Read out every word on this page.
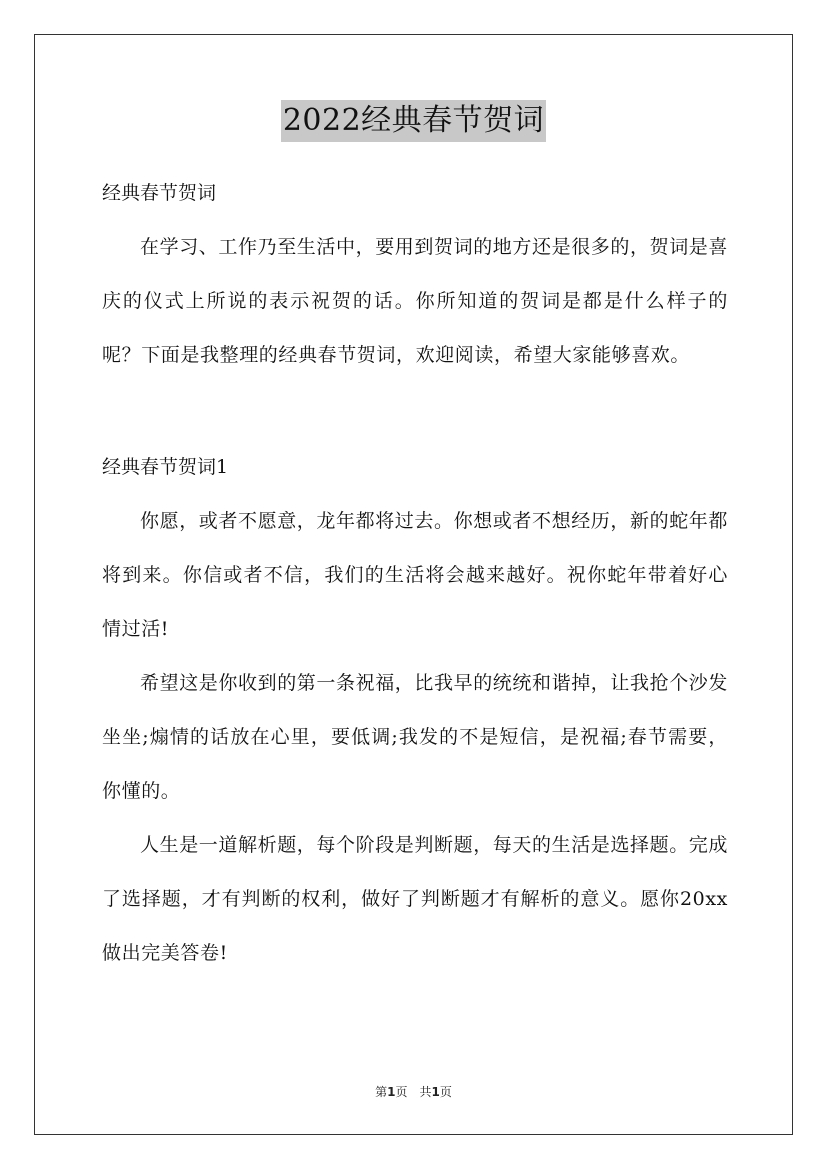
2022经典春节贺词

经典春节贺词

在学习、工作乃至生活中，要用到贺词的地方还是很多的，贺词是喜庆的仪式上所说的表示祝贺的话。你所知道的贺词是都是什么样子的呢？下面是我整理的经典春节贺词，欢迎阅读，希望大家能够喜欢。

经典春节贺词1

你愿，或者不愿意，龙年都将过去。你想或者不想经历，新的蛇年都将到来。你信或者不信，我们的生活将会越来越好。祝你蛇年带着好心情过活!

希望这是你收到的第一条祝福，比我早的统统和谐掉，让我抢个沙发坐坐;煽情的话放在心里，要低调;我发的不是短信，是祝福;春节需要，你懂的。

人生是一道解析题，每个阶段是判断题，每天的生活是选择题。完成了选择题，才有判断的权利，做好了判断题才有解析的意义。愿你20xx做出完美答卷!

第1页　共1页
